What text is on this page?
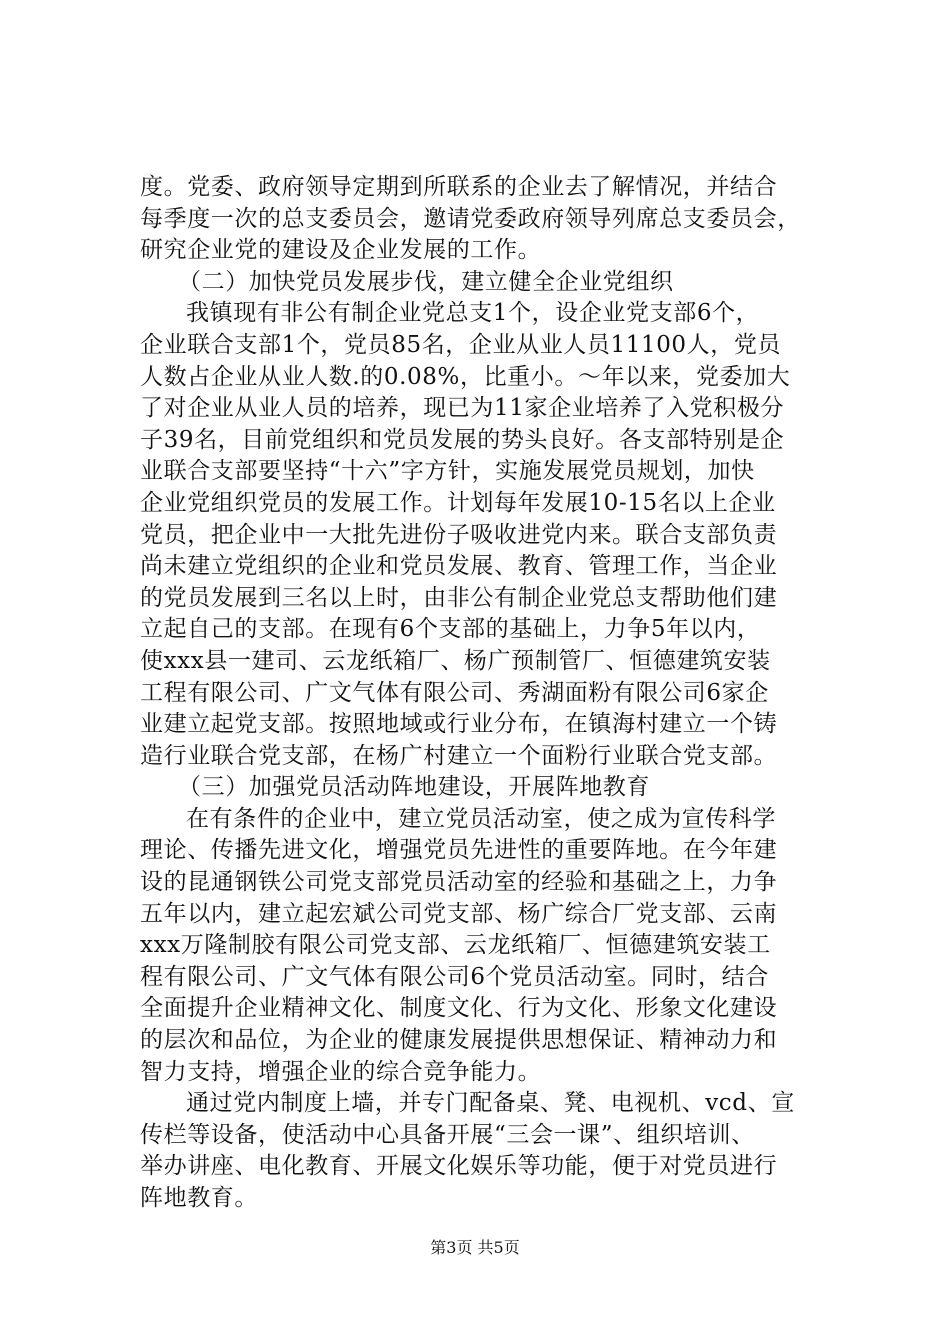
度。党委、政府领导定期到所联系的企业去了解情况，并结合
每季度一次的总支委员会，邀请党委政府领导列席总支委员会，
研究企业党的建设及企业发展的工作。
（二）加快党员发展步伐，建立健全企业党组织
我镇现有非公有制企业党总支1个，设企业党支部6个，
企业联合支部1个，党员85名，企业从业人员11100人，党员
人数占企业从业人数.的0.08%，比重小。～年以来，党委加大
了对企业从业人员的培养，现已为11家企业培养了入党积极分
子39名，目前党组织和党员发展的势头良好。各支部特别是企
业联合支部要坚持“十六”字方针，实施发展党员规划，加快
企业党组织党员的发展工作。计划每年发展10-15名以上企业
党员，把企业中一大批先进份子吸收进党内来。联合支部负责
尚未建立党组织的企业和党员发展、教育、管理工作，当企业
的党员发展到三名以上时，由非公有制企业党总支帮助他们建
立起自己的支部。在现有6个支部的基础上，力争5年以内，
使xxx县一建司、云龙纸箱厂、杨广预制管厂、恒德建筑安装
工程有限公司、广文气体有限公司、秀湖面粉有限公司6家企
业建立起党支部。按照地域或行业分布，在镇海村建立一个铸
造行业联合党支部，在杨广村建立一个面粉行业联合党支部。
（三）加强党员活动阵地建设，开展阵地教育
在有条件的企业中，建立党员活动室，使之成为宣传科学
理论、传播先进文化，增强党员先进性的重要阵地。在今年建
设的昆通钢铁公司党支部党员活动室的经验和基础之上，力争
五年以内，建立起宏斌公司党支部、杨广综合厂党支部、云南
xxx万隆制胶有限公司党支部、云龙纸箱厂、恒德建筑安装工
程有限公司、广文气体有限公司6个党员活动室。同时，结合
全面提升企业精神文化、制度文化、行为文化、形象文化建设
的层次和品位，为企业的健康发展提供思想保证、精神动力和
智力支持，增强企业的综合竞争能力。
通过党内制度上墙，并专门配备桌、凳、电视机、vcd、宣
传栏等设备，使活动中心具备开展“三会一课”、组织培训、
举办讲座、电化教育、开展文化娱乐等功能，便于对党员进行
阵地教育。
第3页 共5页
